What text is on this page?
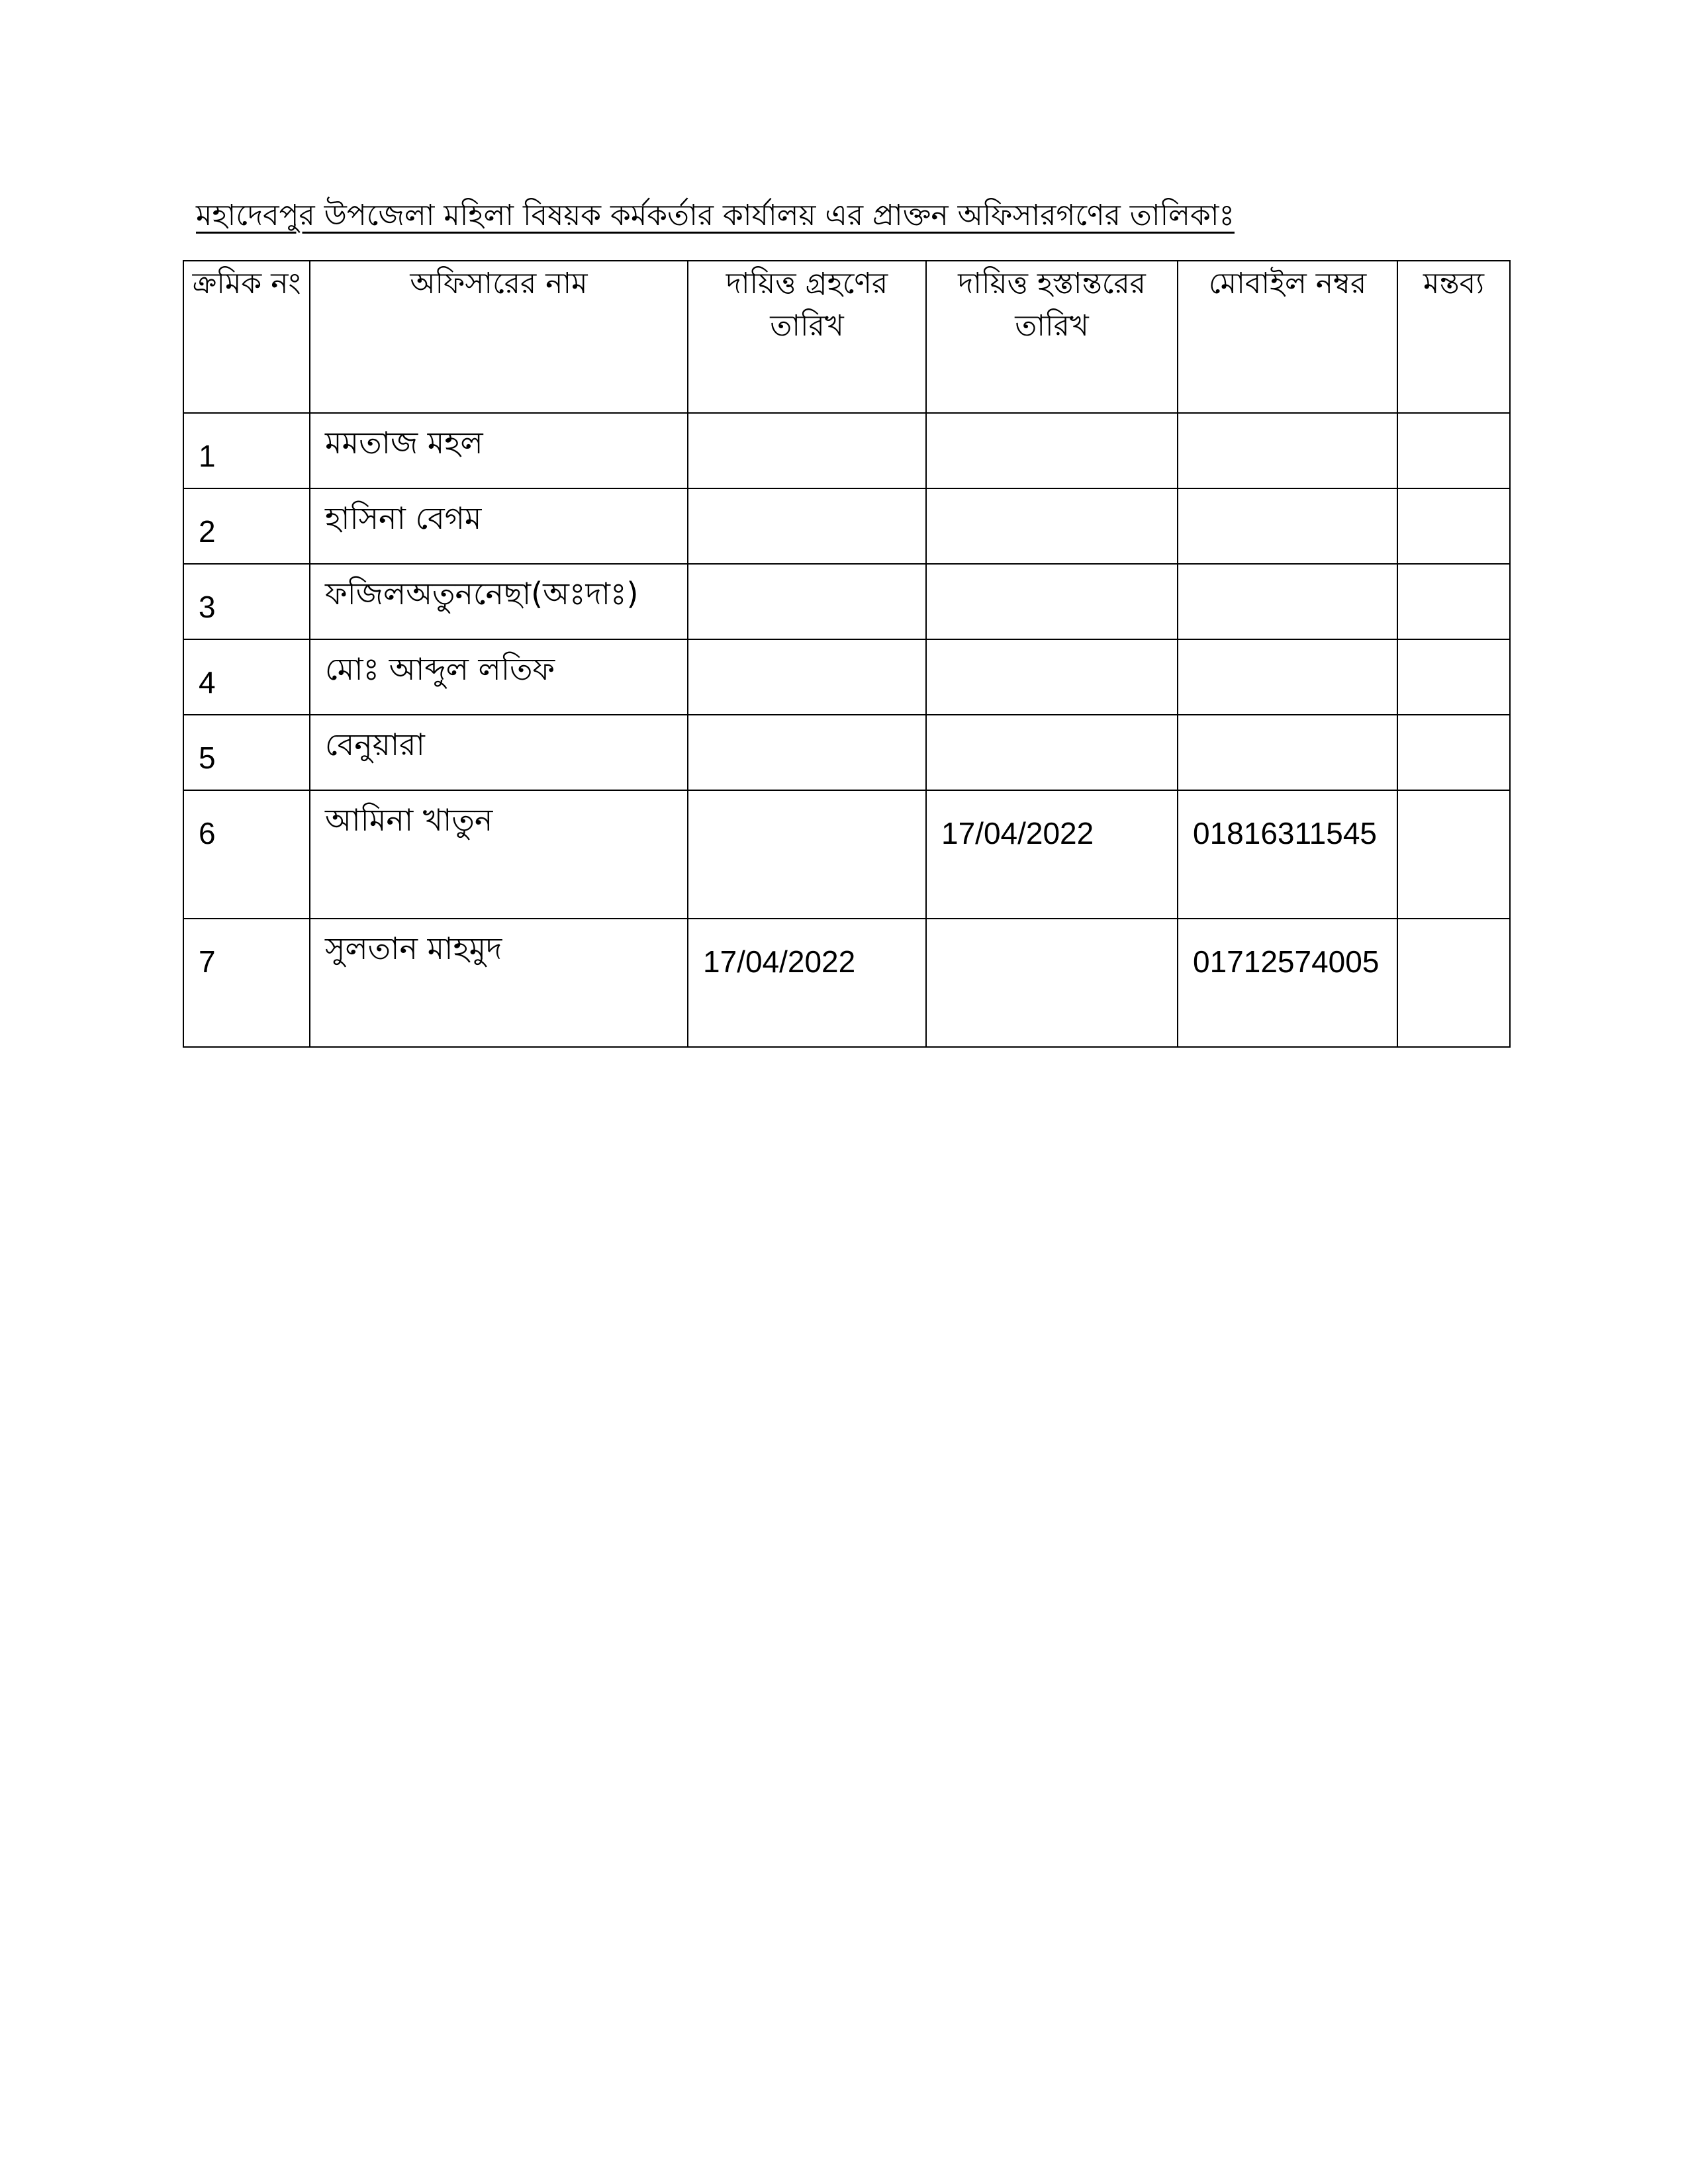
মহাদেবপুর উপজেলা মহিলা বিষয়ক কর্মকর্তার কার্যালয় এর প্রাক্তন অফিসারগণের তালিকাঃ

ক্রমিক নং	অফিসারের নাম	দায়িত্ত গ্রহণের তারিখ	দায়িত্ত হস্তান্তরের তারিখ	মোবাইল নম্বর	মন্তব্য
1	মমতাজ মহল				
2	হাসিনা বেগম				
3	ফজিলঅতুননেছা(অঃদাঃ)				
4	মোঃ আব্দুল লতিফ				
5	বেনুয়ারা				
6	আমিনা খাতুন		17/04/2022	01816311545	
7	সুলতান মাহমুদ	17/04/2022		01712574005	
